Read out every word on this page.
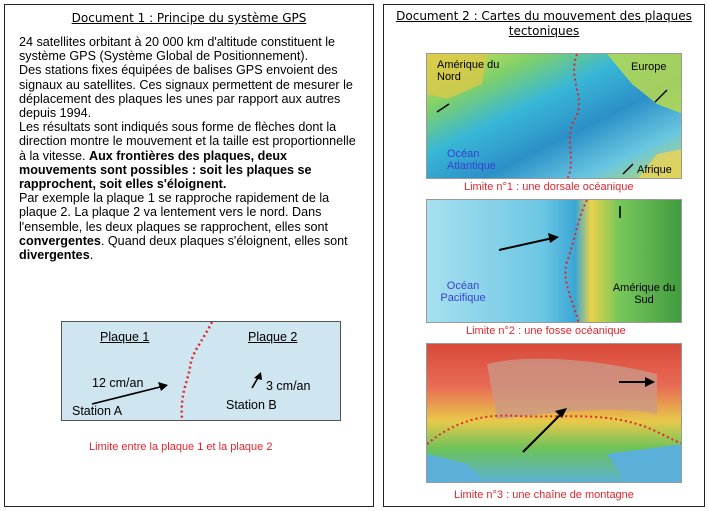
Document 1 : Principe du système GPS

24 satellites orbitant à 20 000 km d'altitude constituent le système GPS (Système Global de Positionnement).

Des stations fixes équipées de balises GPS envoient des signaux au satellites. Ces signaux permettent de mesurer le déplacement des plaques les unes par rapport aux autres depuis 1994.

Les résultats sont indiqués sous forme de flèches dont la direction montre le mouvement et la taille est proportionnelle à la vitesse. Aux frontières des plaques, deux mouvements sont possibles : soit les plaques se rapprochent, soit elles s'éloignent.

Par exemple la plaque 1 se rapproche rapidement de la plaque 2. La plaque 2 va lentement vers le nord. Dans l'ensemble, les deux plaques se rapprochent, elles sont convergentes. Quand deux plaques s'éloignent, elles sont divergentes.

Plaque 1	Plaque 2
12 cm/an	3 cm/an
Station A	Station B
Limite entre la plaque 1 et la plaque 2
Document 2 : Cartes du mouvement des plaques tectoniques
Amérique du Nord
Europe
Océan Atlantique	Afrique
Limite n°1 : une dorsale océanique
Océan Pacifique
Amérique du Sud
Limite n°2 : une fosse océanique
Limite n°3 : une chaîne de montagne
